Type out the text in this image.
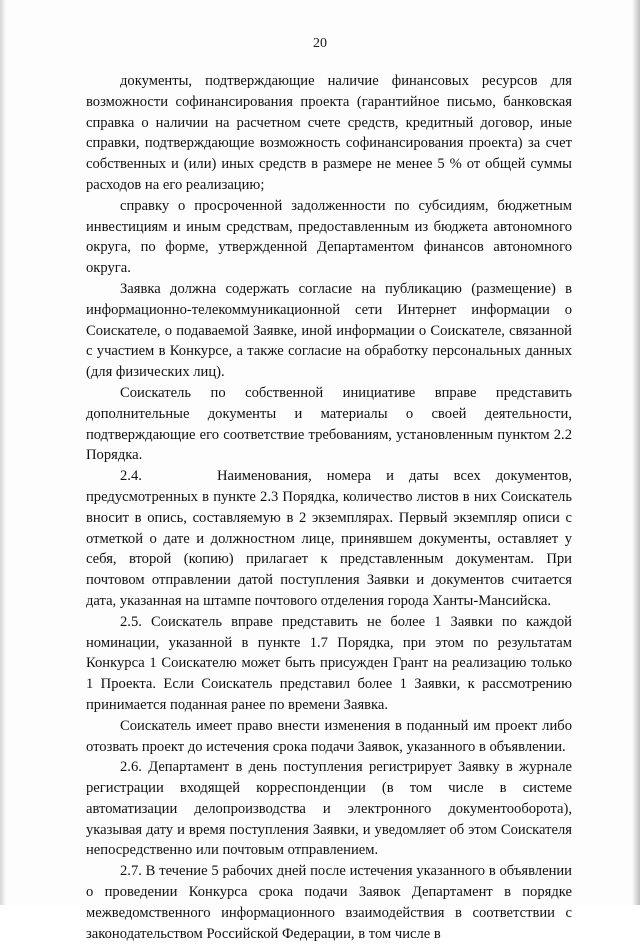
20

документы, подтверждающие наличие финансовых ресурсов для возможности софинансирования проекта (гарантийное письмо, банковская справка о наличии на расчетном счете средств, кредитный договор, иные справки, подтверждающие возможность софинансирования проекта) за счет собственных и (или) иных средств в размере не менее 5 % от общей суммы расходов на его реализацию;

справку о просроченной задолженности по субсидиям, бюджетным инвестициям и иным средствам, предоставленным из бюджета автономного округа, по форме, утвержденной Департаментом финансов автономного округа.

Заявка должна содержать согласие на публикацию (размещение) в информационно-телекоммуникационной сети Интернет информации о Соискателе, о подаваемой Заявке, иной информации о Соискателе, связанной с участием в Конкурсе, а также согласие на обработку персональных данных (для физических лиц).

Соискатель по собственной инициативе вправе представить дополнительные документы и материалы о своей деятельности, подтверждающие его соответствие требованиям, установленным пунктом 2.2 Порядка.

2.4.     Наименования, номера и даты всех документов, предусмотренных в пункте 2.3 Порядка, количество листов в них Соискатель вносит в опись, составляемую в 2 экземплярах. Первый экземпляр описи с отметкой о дате и должностном лице, принявшем документы, оставляет у себя, второй (копию) прилагает к представленным документам. При почтовом отправлении датой поступления Заявки и документов считается дата, указанная на штампе почтового отделения города Ханты-Мансийска.

2.5. Соискатель вправе представить не более 1 Заявки по каждой номинации, указанной в пункте 1.7 Порядка, при этом по результатам Конкурса 1 Соискателю может быть присужден Грант на реализацию только 1 Проекта. Если Соискатель представил более 1 Заявки, к рассмотрению принимается поданная ранее по времени Заявка.

Соискатель имеет право внести изменения в поданный им проект либо отозвать проект до истечения срока подачи Заявок, указанного в объявлении.

2.6. Департамент в день поступления регистрирует Заявку в журнале регистрации входящей корреспонденции (в том числе в системе автоматизации делопроизводства и электронного документооборота), указывая дату и время поступления Заявки, и уведомляет об этом Соискателя непосредственно или почтовым отправлением.

2.7. В течение 5 рабочих дней после истечения указанного в объявлении о проведении Конкурса срока подачи Заявок Департамент в порядке межведомственного информационного взаимодействия в соответствии с законодательством Российской Федерации, в том числе в
